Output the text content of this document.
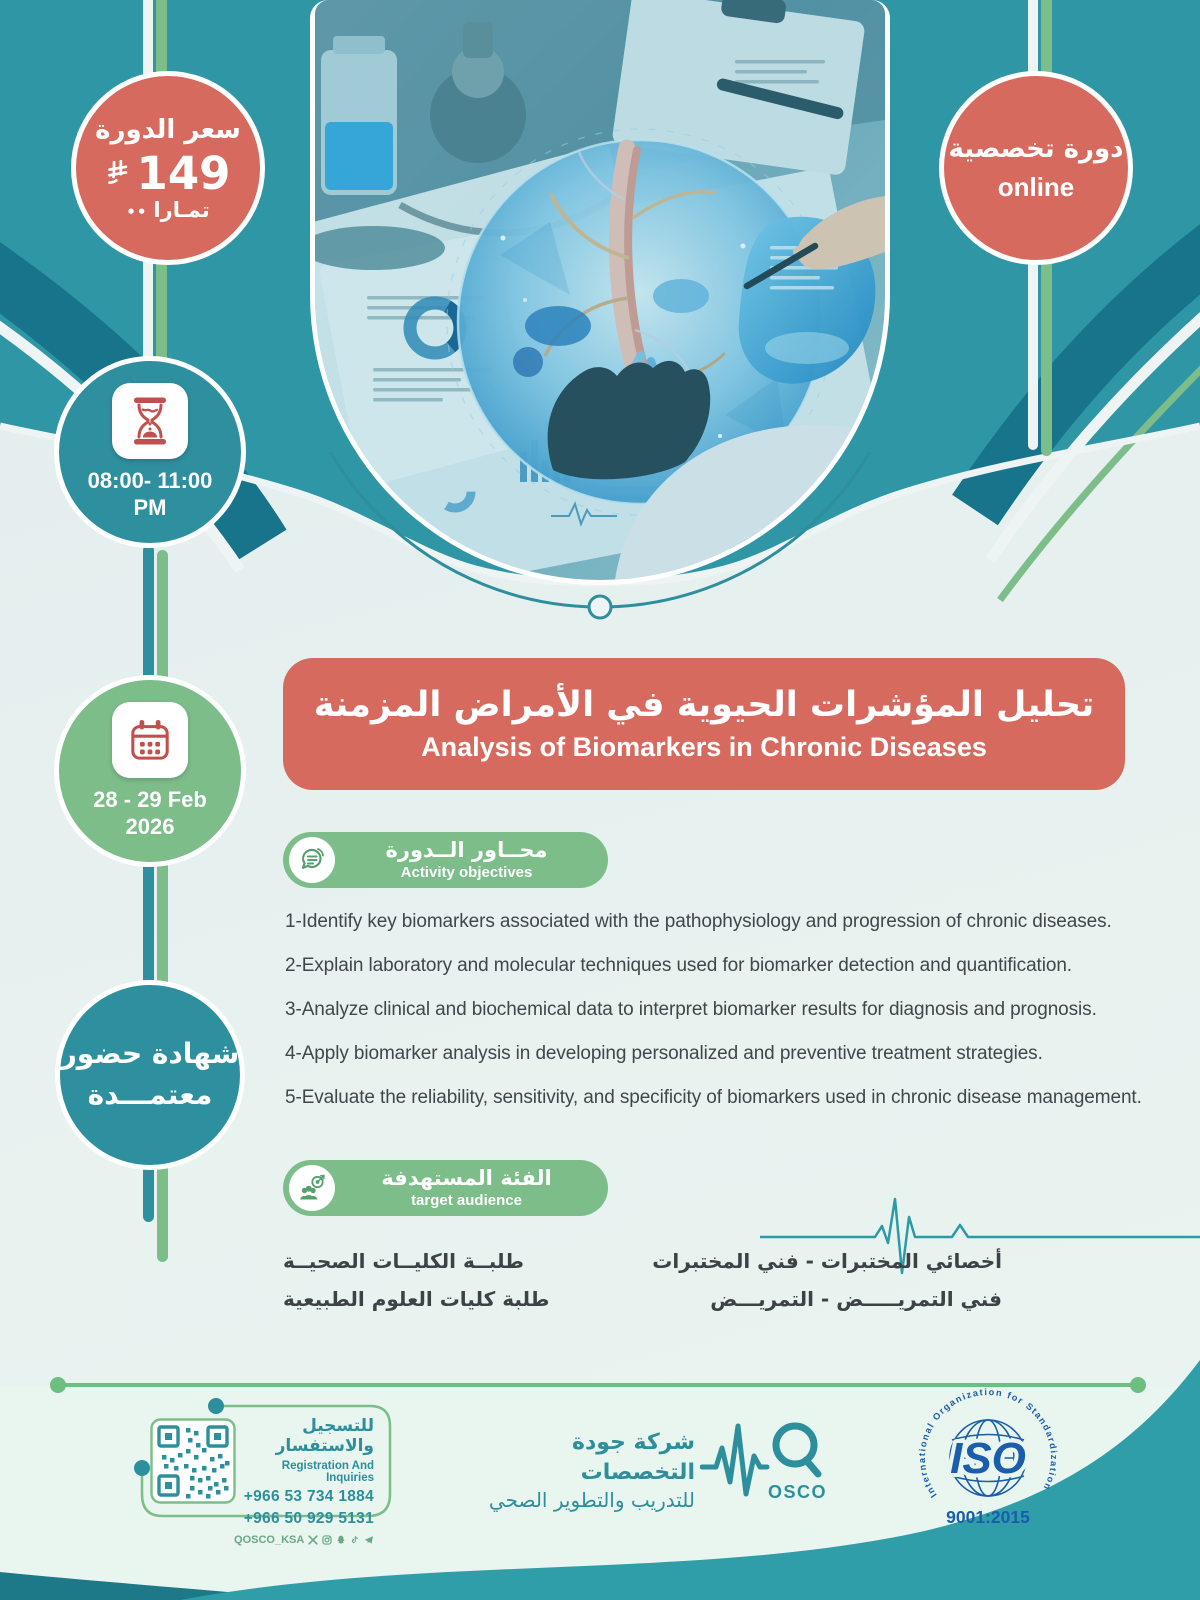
سعر الدورة
149
•• تمـارا
دورة تخصصية
online
08:00- 11:00
PM
28 - 29 Feb
2026
شهادة حضور
معتمـــدة
تحليل المؤشرات الحيوية في الأمراض المزمنة
Analysis of Biomarkers in Chronic Diseases
محــاور الــدورة
Activity objectives
1-Identify key biomarkers associated with the pathophysiology and progression of chronic diseases.
2-Explain laboratory and molecular techniques used for biomarker detection and quantification.
3-Analyze clinical and biochemical data to interpret biomarker results for diagnosis and prognosis.
4-Apply biomarker analysis in developing personalized and preventive treatment strategies.
5-Evaluate the reliability, sensitivity, and specificity of biomarkers used in chronic disease management.
الفئة المستهدفة
target audience
أخصائي المختبرات - فني المختبرات
طلبــة الكليــات الصحيــة
فني التمريـــــض - التمريـــض
طلبة كليات العلوم الطبيعية
للتسجيل والاستفسار
Registration And Inquiries
+966 53 734 1884
+966 50 929 5131
QOSCO_KSA
شركة جودة التخصصات
للتدريب والتطوير الصحي	OSCO	International Organization for Standardization
ISO
9001:2015
